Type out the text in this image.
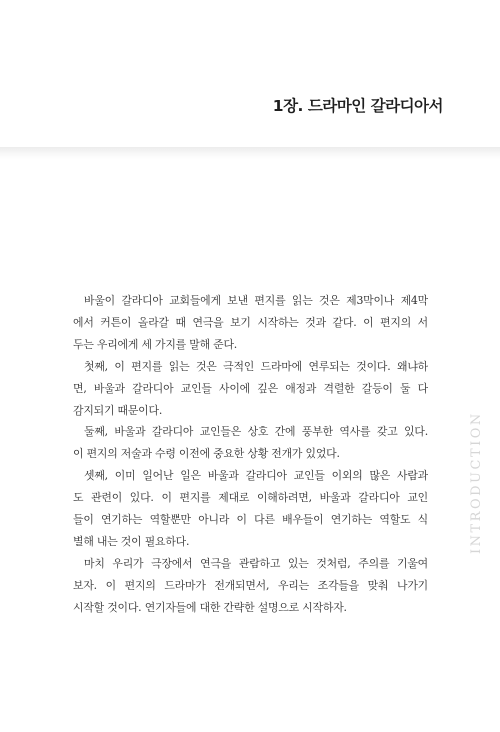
1장. 드라마인 갈라디아서
바울이 갈라디아 교회들에게 보낸 편지를 읽는 것은 제3막이나 제4막
에서 커튼이 올라갈 때 연극을 보기 시작하는 것과 같다. 이 편지의 서
두는 우리에게 세 가지를 말해 준다.
첫째, 이 편지를 읽는 것은 극적인 드라마에 연루되는 것이다. 왜냐하
면, 바울과 갈라디아 교인들 사이에 깊은 애정과 격렬한 갈등이 둘 다
감지되기 때문이다.
둘째, 바울과 갈라디아 교인들은 상호 간에 풍부한 역사를 갖고 있다.
이 편지의 저술과 수령 이전에 중요한 상황 전개가 있었다.
셋째, 이미 일어난 일은 바울과 갈라디아 교인들 이외의 많은 사람과
도 관련이 있다. 이 편지를 제대로 이해하려면, 바울과 갈라디아 교인
들이 연기하는 역할뿐만 아니라 이 다른 배우들이 연기하는 역할도 식
별해 내는 것이 필요하다.
마치 우리가 극장에서 연극을 관람하고 있는 것처럼, 주의를 기울여
보자. 이 편지의 드라마가 전개되면서, 우리는 조각들을 맞춰 나가기
시작할 것이다. 연기자들에 대한 간략한 설명으로 시작하자.
INTRODUCTION
